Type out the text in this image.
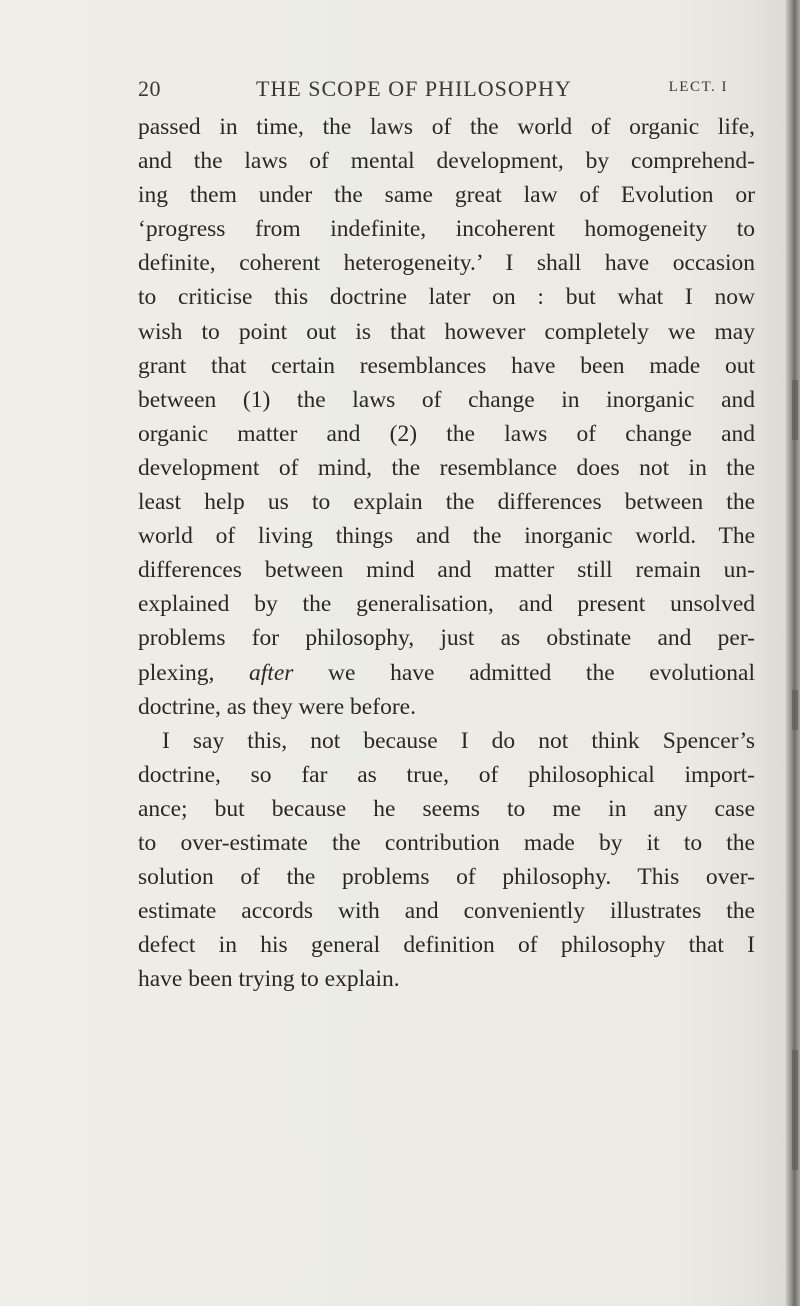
20	THE SCOPE OF PHILOSOPHY	LECT. I
passed in time, the laws of the world of organic life,
and the laws of mental development, by comprehend-
ing them under the same great law of Evolution or
‘progress from indefinite, incoherent homogeneity to
definite, coherent heterogeneity.’ I shall have occasion
to criticise this doctrine later on : but what I now
wish to point out is that however completely we may
grant that certain resemblances have been made out
between (1) the laws of change in inorganic and
organic matter and (2) the laws of change and
development of mind, the resemblance does not in the
least help us to explain the differences between the
world of living things and the inorganic world. The
differences between mind and matter still remain un-
explained by the generalisation, and present unsolved
problems for philosophy, just as obstinate and per-
plexing, after we have admitted the evolutional
doctrine, as they were before.
I say this, not because I do not think Spencer’s
doctrine, so far as true, of philosophical import-
ance; but because he seems to me in any case
to over-estimate the contribution made by it to the
solution of the problems of philosophy. This over-
estimate accords with and conveniently illustrates the
defect in his general definition of philosophy that I
have been trying to explain.
